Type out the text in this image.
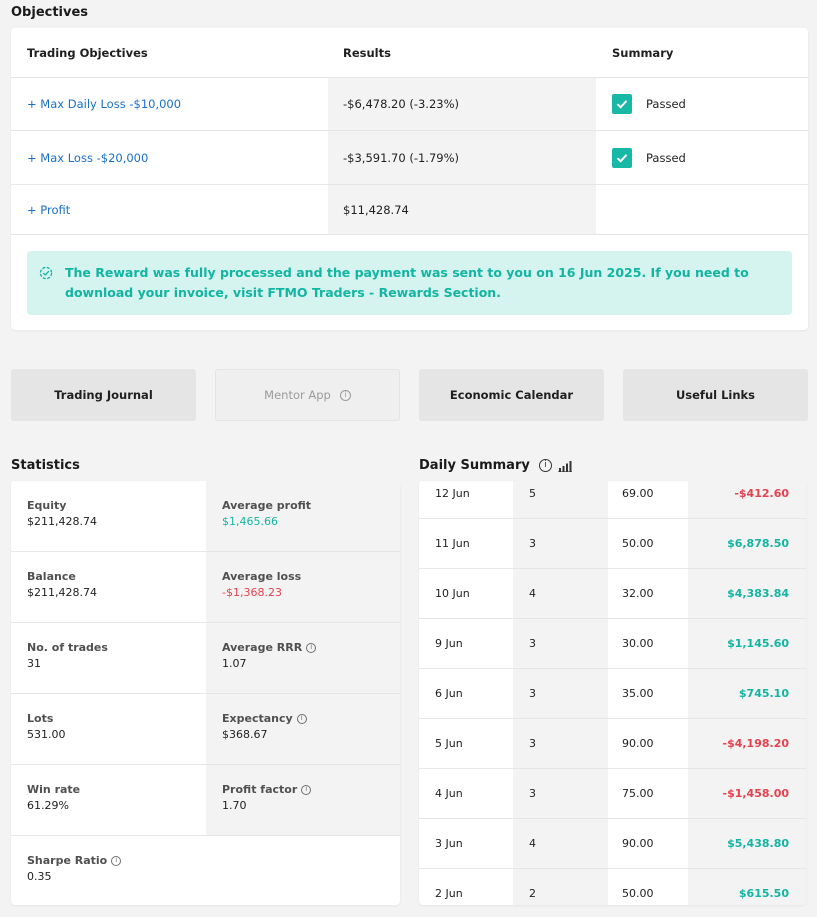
Objectives
Trading Objectives	Results	Summary
+ Max Daily Loss -$10,000	-$6,478.20 (-3.23%)	Passed
+ Max Loss -$20,000	-$3,591.70 (-1.79%)	Passed
+ Profit	$11,428.74
The Reward was fully processed and the payment was sent to you on 16 Jun 2025. If you need to download your invoice, visit FTMO Traders - Rewards Section.
Trading Journal	Mentor App	i	Economic Calendar	Useful Links
Statistics
Equity
$211,428.74
Average profit
$1,465.66
Balance
$211,428.74
Average loss
-$1,368.23
No. of trades
31
Average RRR	i
1.07
Lots
531.00
Expectancy	i
$368.67
Win rate
61.29%
Profit factor	i
1.70
Sharpe Ratio	i
0.35
Daily Summary	i
12 Jun	5	69.00	-$412.60
11 Jun	3	50.00	$6,878.50
10 Jun	4	32.00	$4,383.84
9 Jun	3	30.00	$1,145.60
6 Jun	3	35.00	$745.10
5 Jun	3	90.00	-$4,198.20
4 Jun	3	75.00	-$1,458.00
3 Jun	4	90.00	$5,438.80
2 Jun	2	50.00	$615.50
